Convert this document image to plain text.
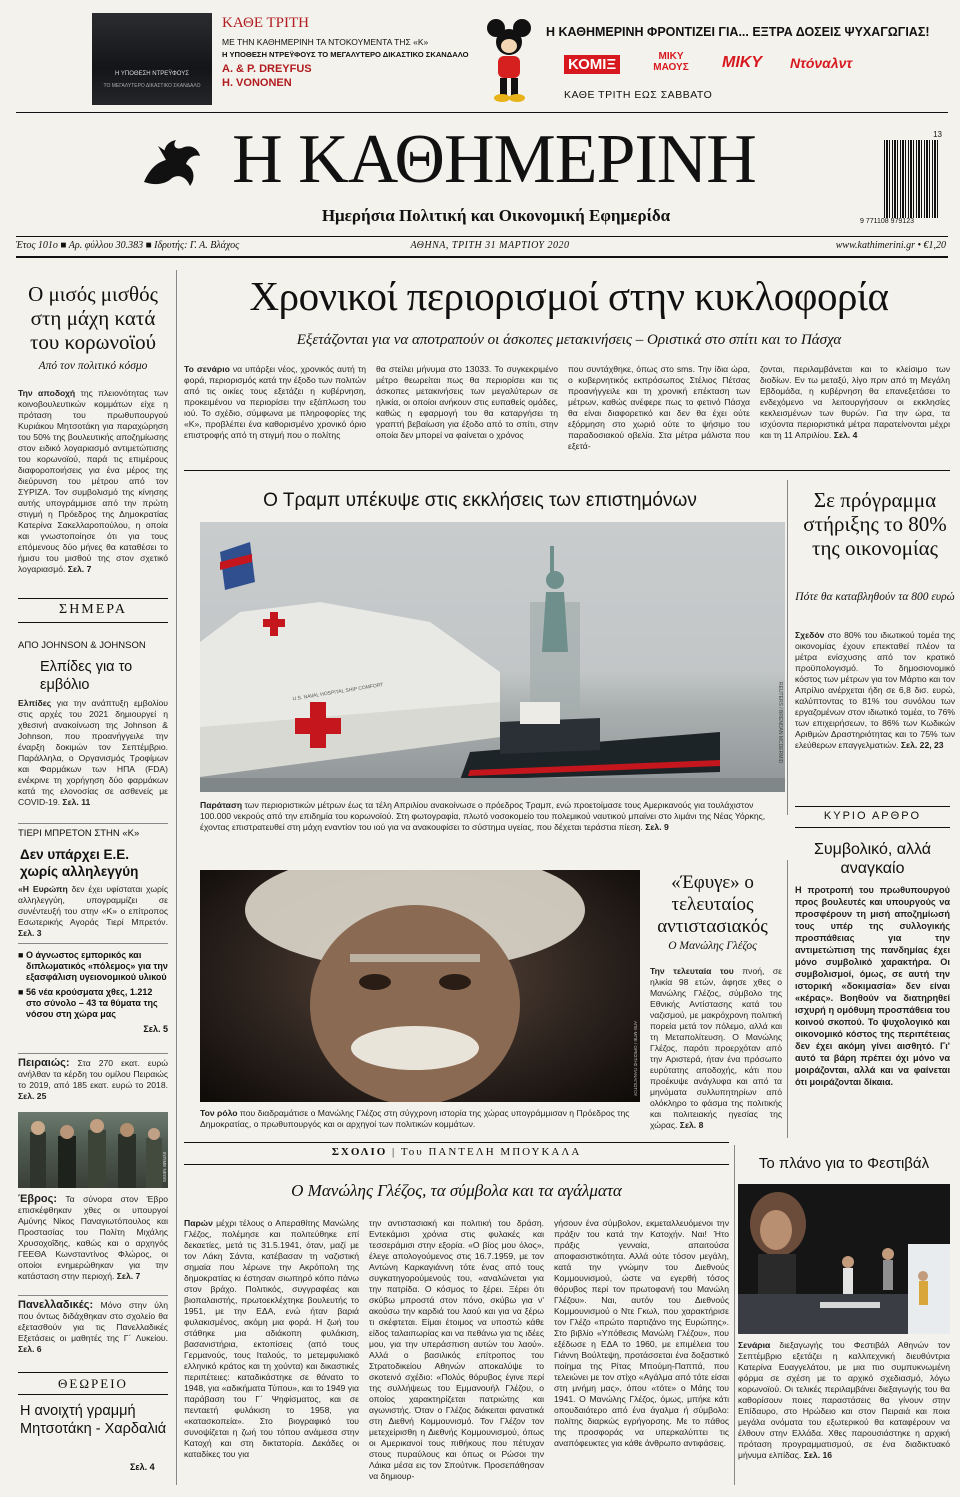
Η ΥΠΟΘΕΣΗ ΝΤΡΕΫΦΟΥΣ
ΤΟ ΜΕΓΑΛΥΤΕΡΟ ΔΙΚΑΣΤΙΚΟ ΣΚΑΝΔΑΛΟ
ΚΑΘΕ ΤΡΙΤΗ
ΜΕ ΤΗΝ ΚΑΘΗΜΕΡΙΝΗ ΤΑ ΝΤΟΚΟΥΜΕΝΤΑ ΤΗΣ «Κ»
Η ΥΠΟΘΕΣΗ ΝΤΡΕΫΦΟΥΣ ΤΟ ΜΕΓΑΛΥΤΕΡΟ ΔΙΚΑΣΤΙΚΟ ΣΚΑΝΔΑΛΟ
A. & P. DREYFUS
H. VONONEN
Η ΚΑΘΗΜΕΡΙΝΗ ΦΡΟΝΤΙΖΕΙ ΓΙΑ... ΕΞΤΡΑ ΔΟΣΕΙΣ ΨΥΧΑΓΩΓΙΑΣ!
ΚΟΜΙΞ	ΜΙΚΥ ΜΑΟΥΣ	ΜΙΚΥ Ντόναλντ
ΚΑΘΕ ΤΡΙΤΗ ΕΩΣ ΣΑΒΒΑΤΟ
Η ΚΑΘΗΜΕΡΙΝΗ
Ημερήσια Πολιτική και Οικονομική Εφημερίδα
13
9 771108 979123
Έτος 101ο ■ Αρ. φύλλου 30.383 ■ Ιδρυτής: Γ. Α. Βλάχος	ΑΘΗΝΑ, ΤΡΙΤΗ 31 ΜΑΡΤΙΟΥ 2020	www.kathimerini.gr • €1,20
Ο μισός μισθός στη μάχη κατά του κορωνοϊού
Από τον πολιτικό κόσμο
Την αποδοχή της πλειονότητας των κοινοβουλευτικών κομμάτων είχε η πρόταση του πρωθυπουργού Κυριάκου Μητσοτάκη για παραχώρηση του 50% της βουλευτικής αποζημίωσης στον ειδικό λογαριασμό αντιμετώπισης του κορωνοϊού, παρά τις επιμέρους διαφοροποιήσεις για ένα μέρος της διεύρυνση του μέτρου από τον ΣΥΡΙΖΑ. Τον συμβολισμό της κίνησης αυτής υπογράμμισε από την πρώτη στιγμή η Πρόεδρος της Δημοκρατίας Κατερίνα Σακελλαροπούλου, η οποία και γνωστοποίησε ότι για τους επόμενους δύο μήνες θα καταθέσει το ήμισυ του μισθού της στον σχετικό λογαριασμό. Σελ. 7
ΣΗΜΕΡΑ
ΑΠΟ JOHNSON & JOHNSON
Ελπίδες για το εμβόλιο
Ελπίδες για την ανάπτυξη εμβολίου στις αρχές του 2021 δημιουργεί η χθεσινή ανακοίνωση της Johnson & Johnson, που προανήγγειλε την έναρξη δοκιμών τον Σεπτέμβριο. Παράλληλα, ο Οργανισμός Τροφίμων και Φαρμάκων των ΗΠΑ (FDA) ενέκρινε τη χορήγηση δύο φαρμάκων κατά της ελονοσίας σε ασθενείς με COVID-19. Σελ. 11
ΤΙΕΡΙ ΜΠΡΕΤΟΝ ΣΤΗΝ «Κ»
Δεν υπάρχει Ε.Ε. χωρίς αλληλεγγύη
«Η Ευρώπη δεν έχει υφίσταται χωρίς αλληλεγγύη, υπογραμμίζει σε συνέντευξή του στην «Κ» ο επίτροπος Εσωτερικής Αγοράς Τιερί Μπρετόν. Σελ. 3
■ Ο άγνωστος εμπορικός και διπλωματικός «πόλεμος» για την εξασφάλιση υγειονομικού υλικού
■ 56 νέα κρούσματα χθες, 1.212 στο σύνολο – 43 τα θύματα της νόσου στη χώρα μας
Σελ. 5
Πειραιώς: Στα 270 εκατ. ευρώ ανήλθαν τα κέρδη του ομίλου Πειραιώς το 2019, από 185 εκατ. ευρώ το 2018. Σελ. 25
INTIME NEWS
Έβρος: Τα σύνορα στον Έβρο επισκέφθηκαν χθες οι υπουργοί Αμύνης Νίκος Παναγιωτόπουλος και Προστασίας του Πολίτη Μιχάλης Χρυσοχοΐδης, καθώς και ο αρχηγός ΓΕΕΘΑ Κωνσταντίνος Φλώρος, οι οποίοι ενημερώθηκαν για την κατάσταση στην περιοχή. Σελ. 7
Πανελλαδικές: Μόνο στην ύλη που όντως διδάχθηκαν στο σχολείο θα εξετασθούν για τις Πανελλαδικές Εξετάσεις οι μαθητές της Γ΄ Λυκείου. Σελ. 6
ΘΕΩΡΕΙΟ
Η ανοιχτή γραμμή Μητσοτάκη - Χαρδαλιά
Σελ. 4
Χρονικοί περιορισμοί στην κυκλοφορία
Εξετάζονται για να αποτραπούν οι άσκοπες μετακινήσεις – Οριστικά στο σπίτι και το Πάσχα
Το σενάριο να υπάρξει νέος, χρονικός αυτή τη φορά, περιορισμός κατά την έξοδο των πολιτών από τις οικίες τους εξετάζει η κυβέρνηση, προκειμένου να περιορίσει την εξάπλωση του ιού. Το σχέδιο, σύμφωνα με πληροφορίες της «Κ», προβλέπει ένα καθορισμένο χρονικό όριο επιστροφής από τη στιγμή που ο πολίτης
θα στείλει μήνυμα στο 13033. Το συγκεκριμένο μέτρο θεωρείται πως θα περιορίσει και τις άσκοπες μετακινήσεις των μεγαλύτερων σε ηλικία, οι οποίοι ανήκουν στις ευπαθείς ομάδες, καθώς η εφαρμογή του θα καταργήσει τη γραπτή βεβαίωση για έξοδο από το σπίτι, στην οποία δεν μπορεί να φαίνεται ο χρόνος
που συντάχθηκε, όπως στο sms. Την ίδια ώρα, ο κυβερνητικός εκπρόσωπος Στέλιος Πέτσας προανήγγειλε και τη χρονική επέκταση των μέτρων, καθώς ανέφερε πως το φετινό Πάσχα θα είναι διαφορετικό και δεν θα έχει ούτε εξόρμηση στο χωριό ούτε το ψήσιμο του παραδοσιακού οβελία. Στα μέτρα μάλιστα που εξετά-
ζονται, περιλαμβάνεται και το κλείσιμο των διοδίων. Εν τω μεταξύ, λίγο πριν από τη Μεγάλη Εβδομάδα, η κυβέρνηση θα επανεξετάσει το ενδεχόμενο να λειτουργήσουν οι εκκλησίες κεκλεισμένων των θυρών. Για την ώρα, τα ισχύοντα περιοριστικά μέτρα παρατείνονται μέχρι και τη 11 Απριλίου. Σελ. 4
Ο Τραμπ υπέκυψε στις εκκλήσεις των επιστημόνων
U.S. NAVAL HOSPITAL SHIP COMFORT	REUTERS / BRENDAN MCDERMID
Παράταση των περιοριστικών μέτρων έως τα τέλη Απριλίου ανακοίνωσε ο πρόεδρος Τραμπ, ενώ προετοίμασε τους Αμερικανούς για τουλάχιστον 100.000 νεκρούς από την επιδημία του κορωνοϊού. Στη φωτογραφία, πλωτό νοσοκομείο του πολεμικού ναυτικού μπαίνει στο λιμάνι της Νέας Υόρκης, έχοντας επιστρατευθεί στη μάχη εναντίον του ιού για να ανακουφίσει το σύστημα υγείας, που δέχεται τεράστια πίεση. Σελ. 9
Σε πρόγραμμα στήριξης το 80% της οικονομίας
Πότε θα καταβληθούν τα 800 ευρώ
Σχεδόν στο 80% του ιδιωτικού τομέα της οικονομίας έχουν επεκταθεί πλέον τα μέτρα ενίσχυσης από τον κρατικό προϋπολογισμό. Το δημοσιονομικό κόστος των μέτρων για τον Μάρτιο και τον Απρίλιο ανέρχεται ήδη σε 6,8 δισ. ευρώ, καλύπτοντας το 81% του συνόλου των εργαζομένων στον ιδιωτικό τομέα, το 76% των επιχειρήσεων, το 86% των Κωδικών Αριθμών Δραστηριότητας και το 75% των ελεύθερων επαγγελματιών. Σελ. 22, 23
ΚΥΡΙΟ ΑΡΘΡΟ
Συμβολικό, αλλά αναγκαίο
Η προτροπή του πρωθυπουργού προς βουλευτές και υπουργούς να προσφέρουν τη μισή αποζημίωσή τους υπέρ της συλλογικής προσπάθειας για την αντιμετώπιση της πανδημίας έχει μόνο συμβολικό χαρακτήρα. Οι συμβολισμοί, όμως, σε αυτή την ιστορική «δοκιμασία» δεν είναι «κέρας». Βοηθούν να διατηρηθεί ισχυρή η ομόθυμη προσπάθεια του κοινού σκοπού. Το ψυχολογικό και οικονομικό κόστος της περιπέτειας δεν έχει ακόμη γίνει αισθητό. Γι' αυτό τα βάρη πρέπει όχι μόνο να μοιράζονται, αλλά και να φαίνεται ότι μοιράζονται δίκαια.
ΑΠΕ-ΜΠΕ / ΟΡΕΣΤΗΣ ΠΑΝΑΓΙΩΤΟΥ
Τον ρόλο που διαδραμάτισε ο Μανώλης Γλέζος στη σύγχρονη ιστορία της χώρας υπογράμμισαν η Πρόεδρος της Δημοκρατίας, ο πρωθυπουργός και οι αρχηγοί των πολιτικών κομμάτων.
«Έφυγε» ο τελευταίος αντιστασιακός
Ο Μανώλης Γλέζος
Την τελευταία του πνοή, σε ηλικία 98 ετών, άφησε χθες ο Μανώλης Γλέζος, σύμβολο της Εθνικής Αντίστασης κατά του ναζισμού, με μακρόχρονη πολιτική πορεία μετά τον πόλεμο, αλλά και τη Μεταπολίτευση. Ο Μανώλης Γλέζος, παρότι προερχόταν από την Αριστερά, ήταν ένα πρόσωπο ευρύτατης αποδοχής, κάτι που προέκυψε ανάγλυφα και από τα μηνύματα συλλυπητηρίων από ολόκληρο το φάσμα της πολιτικής και πολιτειακής ηγεσίας της χώρας. Σελ. 8
ΣΧΟΛΙΟ | Του ΠΑΝΤΕΛΗ ΜΠΟΥΚΑΛΑ
Ο Μανώλης Γλέζος, τα σύμβολα και τα αγάλματα
Παρών μέχρι τέλους ο Απεραθίτης Μανώλης Γλέζος, πολέμησε και πολιτεύθηκε επί δεκαετίες, μετά τις 31.5.1941, όταν, μαζί με τον Λάκη Σάντα, κατέβασαν τη ναζιστική σημαία που λέρωνε την Ακρόπολη της δημοκρατίας κι έστησαν σιωπηρό κόπο πάνω στον βράχο. Πολιτικός, συγγραφέας και βιοπαλαιστής, πρωτοεκλέχτηκε βουλευτής το 1951, με την ΕΔΑ, ενώ ήταν βαριά φυλακισμένος, ακόμη μια φορά. Η ζωή του στάθηκε μια αδιάκοπη φυλάκιση, βασανιστήρια, εκτοπίσεις (από τους Γερμανούς, τους Ιταλούς, το μετεμφυλιακό ελληνικό κράτος και τη χούντα) και δικαστικές περιπέτειες: καταδικάστηκε σε θάνατο το 1948, για «αδικήματα Τύπου», και το 1949 για παράβαση του Γ΄ Ψηφίσματος, και σε πενταετή φυλάκιση το 1958, για «κατασκοπεία». Στο βιογραφικό του συνοψίζεται η ζωή του τόπου ανάμεσα στην Κατοχή και στη δικτατορία. Δεκάδες οι καταδίκες του για
την αντιστασιακή και πολιτική του δράση. Εντεκάμισι χρόνια στις φυλακές και τεσσεράμισι στην εξορία. «Ο βίος μου όλος», έλεγε απολογούμενος στις 16.7.1959, με τον Αντώνη Καρκαγιάννη τότε ένας από τους συγκατηγορούμενούς του, «αναλώνεται για την πατρίδα. Ο κόσμος το ξέρει. Ξέρει ότι σκύβω μπροστά στον πόνο, σκύβω για ν' ακούσω την καρδιά του λαού και για να ξέρω τι σκέφτεται. Είμαι έτοιμος να υποστώ κάθε είδος ταλαιπωρίας και να πεθάνω για τις ιδέες μου, για την υπεράσπιση αυτών του λαού». Αλλά ο βασιλικός επίτροπος του Στρατοδικείου Αθηνών αποκαλύψε το σκοτεινό σχέδιο: «Πολύς θόρυβος έγινε περί της συλλήψεως του Εμμανουήλ Γλέζου, ο οποίος χαρακτηρίζεται πατριώτης και αγωνιστής. Όταν ο Γλέζος διάκειται φανατικά στη Διεθνή Κομμουνισμό. Τον Γλέζον τον μετεχείρισθη η Διεθνής Κομμουνισμού, όπως οι Αμερικανοί τους πιθήκους που πέτυχαν στους πυραύλους και όπως οι Ρώσοι την Λάικα μέσα εις τον Σπούτνικ. Προσεπάθησαν να δημιουρ-
γήσουν ένα σύμβολον, εκμεταλλευόμενοι την πράξιν του κατά την Κατοχήν. Ναι! Ήτο πράξις γενναία, απαιτούσα αποφασιστικότητα. Αλλά ούτε τόσον μεγάλη, κατά την γνώμην του Διεθνούς Κομμουνισμού, ώστε να εγερθή τόσος θόρυβος περί τον πρωτοφανή του Μανώλη Γλέζου». Ναι, αυτόν του Διεθνούς Κομμουνισμού ο Ντε Γκωλ, που χαρακτήρισε τον Γλέζο «πρώτο παρτιζάνο της Ευρώπης». Στο βιβλίο «Υπόθεσις Μανώλη Γλέζου», που εξέδωσε η ΕΔΑ το 1960, με επιμέλεια του Γιάννη Βούλτεψη, προτάσσεται ένα δοξαστικό ποίημα της Ρίτας Μπούμη-Παππά, που τελειώνει με τον στίχο «Αγάλμα από τότε είσαι στη μνήμη μας», όπου «τότε» ο Μάης του 1941. Ο Μανώλης Γλέζος, όμως, μπήκε κάτι οπουδαιότερο από ένα άγαλμα ή σύμβολο: πολίτης διαρκώς εγρήγορσης. Με το πάθος της προσφοράς να υπερκαλύπτει τις αναπόφευκτες για κάθε άνθρωπο αντιφάσεις.
Το πλάνο για το Φεστιβάλ
Σενάρια διεξαγωγής του Φεστιβάλ Αθηνών τον Σεπτέμβριο εξετάζει η καλλιτεχνική διευθύντρια Κατερίνα Ευαγγελάτου, με μια πιο συμπυκνωμένη φόρμα σε σχέση με το αρχικό σχεδιασμό, λόγω κορωνοϊού. Οι τελικές περιλαμβάνει διεξαγωγής του θα καθορίσουν ποιες παραστάσεις θα γίνουν στην Επίδαυρο, στο Ηρώδειο και στον Πειραιά και ποια μεγάλα ονόματα του εξωτερικού θα καταφέρουν να έλθουν στην Ελλάδα. Χθες παρουσιάστηκε η αρχική πρόταση προγραμματισμού, σε ένα διαδικτυακό μήνυμα ελπίδας. Σελ. 16
